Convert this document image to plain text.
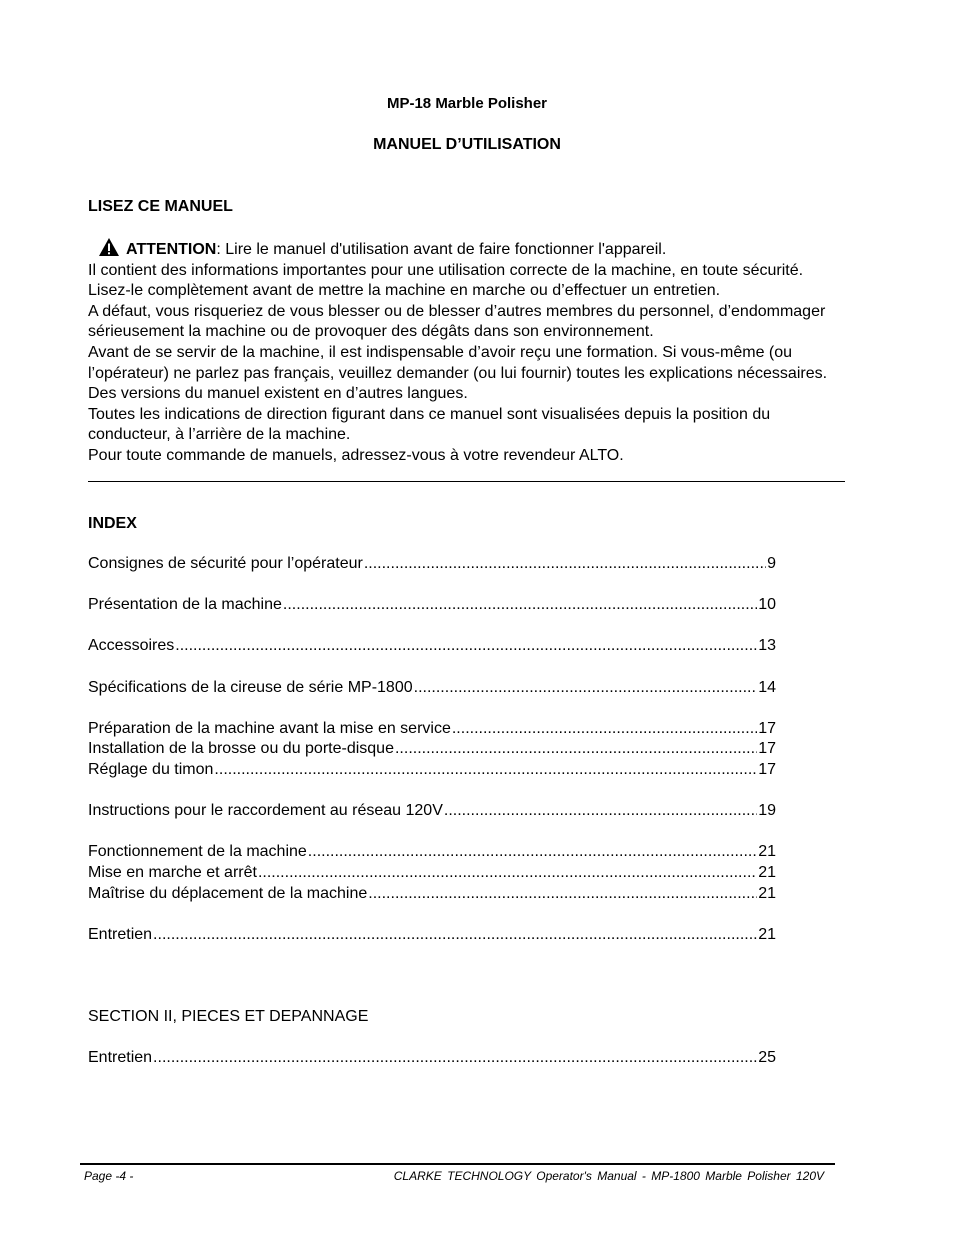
MP-18 Marble Polisher
MANUEL D’UTILISATION
LISEZ CE MANUEL

ATTENTION: Lire le manuel d'utilisation avant de faire fonctionner l'appareil.

Il contient des informations importantes pour une utilisation correcte de la machine, en toute sécurité. Lisez-le complètement avant de mettre la machine en marche ou d’effectuer un entretien.

A défaut, vous risqueriez de vous blesser ou de blesser d’autres membres du personnel, d’endommager sérieusement la machine ou de provoquer des dégâts dans son environnement.

Avant de se servir de la machine, il est indispensable d’avoir reçu une formation. Si vous-même (ou l’opérateur) ne parlez pas français, veuillez demander (ou lui fournir) toutes les explications nécessaires. Des versions du manuel existent en d’autres langues.

Toutes les indications de direction figurant dans ce manuel sont visualisées depuis la position du conducteur, à l’arrière de la machine.

Pour toute commande de manuels, adressez-vous à votre revendeur ALTO.

INDEX
Consignes de sécurité pour l’opérateur .....	9
Présentation de la machine .....	10
Accessoires .....	13
Spécifications de la cireuse de série MP-1800 .....	14
Préparation de la machine avant la mise en service .....	17
Installation de la brosse ou du porte-disque .....	17
Réglage du timon .....	17
Instructions pour le raccordement au réseau 120V .....	19
Fonctionnement de la machine .....	21
Mise en marche et arrêt .....	21
Maîtrise du déplacement de la machine .....	21
Entretien .....	21
SECTION II, PIECES ET DEPANNAGE
Entretien .....	25
Page -4 -	CLARKE TECHNOLOGY Operator's Manual - MP-1800 Marble Polisher 120V
